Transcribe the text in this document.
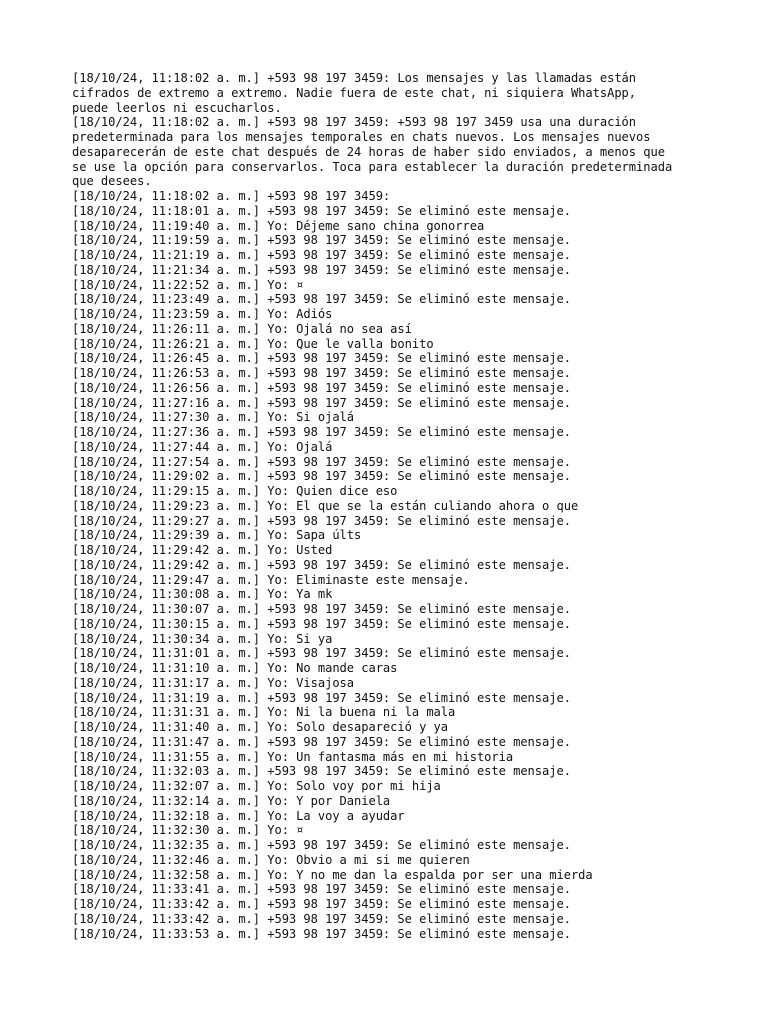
[18/10/24, 11:18:02 a. m.] +593 98 197 3459: Los mensajes y las llamadas están
cifrados de extremo a extremo. Nadie fuera de este chat, ni siquiera WhatsApp,
puede leerlos ni escucharlos.
[18/10/24, 11:18:02 a. m.] +593 98 197 3459: +593 98 197 3459 usa una duración
predeterminada para los mensajes temporales en chats nuevos. Los mensajes nuevos
desaparecerán de este chat después de 24 horas de haber sido enviados, a menos que
se use la opción para conservarlos. Toca para establecer la duración predeterminada
que desees.
[18/10/24, 11:18:02 a. m.] +593 98 197 3459:
[18/10/24, 11:18:01 a. m.] +593 98 197 3459: Se eliminó este mensaje.
[18/10/24, 11:19:40 a. m.] Yo: Déjeme sano china gonorrea
[18/10/24, 11:19:59 a. m.] +593 98 197 3459: Se eliminó este mensaje.
[18/10/24, 11:21:19 a. m.] +593 98 197 3459: Se eliminó este mensaje.
[18/10/24, 11:21:34 a. m.] +593 98 197 3459: Se eliminó este mensaje.
[18/10/24, 11:22:52 a. m.] Yo: ¤
[18/10/24, 11:23:49 a. m.] +593 98 197 3459: Se eliminó este mensaje.
[18/10/24, 11:23:59 a. m.] Yo: Adiós
[18/10/24, 11:26:11 a. m.] Yo: Ojalá no sea así
[18/10/24, 11:26:21 a. m.] Yo: Que le valla bonito
[18/10/24, 11:26:45 a. m.] +593 98 197 3459: Se eliminó este mensaje.
[18/10/24, 11:26:53 a. m.] +593 98 197 3459: Se eliminó este mensaje.
[18/10/24, 11:26:56 a. m.] +593 98 197 3459: Se eliminó este mensaje.
[18/10/24, 11:27:16 a. m.] +593 98 197 3459: Se eliminó este mensaje.
[18/10/24, 11:27:30 a. m.] Yo: Si ojalá
[18/10/24, 11:27:36 a. m.] +593 98 197 3459: Se eliminó este mensaje.
[18/10/24, 11:27:44 a. m.] Yo: Ojalá
[18/10/24, 11:27:54 a. m.] +593 98 197 3459: Se eliminó este mensaje.
[18/10/24, 11:29:02 a. m.] +593 98 197 3459: Se eliminó este mensaje.
[18/10/24, 11:29:15 a. m.] Yo: Quien dice eso
[18/10/24, 11:29:23 a. m.] Yo: El que se la están culiando ahora o que
[18/10/24, 11:29:27 a. m.] +593 98 197 3459: Se eliminó este mensaje.
[18/10/24, 11:29:39 a. m.] Yo: Sapa últs
[18/10/24, 11:29:42 a. m.] Yo: Usted
[18/10/24, 11:29:42 a. m.] +593 98 197 3459: Se eliminó este mensaje.
[18/10/24, 11:29:47 a. m.] Yo: Eliminaste este mensaje.
[18/10/24, 11:30:08 a. m.] Yo: Ya mk
[18/10/24, 11:30:07 a. m.] +593 98 197 3459: Se eliminó este mensaje.
[18/10/24, 11:30:15 a. m.] +593 98 197 3459: Se eliminó este mensaje.
[18/10/24, 11:30:34 a. m.] Yo: Si ya
[18/10/24, 11:31:01 a. m.] +593 98 197 3459: Se eliminó este mensaje.
[18/10/24, 11:31:10 a. m.] Yo: No mande caras
[18/10/24, 11:31:17 a. m.] Yo: Visajosa
[18/10/24, 11:31:19 a. m.] +593 98 197 3459: Se eliminó este mensaje.
[18/10/24, 11:31:31 a. m.] Yo: Ni la buena ni la mala
[18/10/24, 11:31:40 a. m.] Yo: Solo desapareció y ya
[18/10/24, 11:31:47 a. m.] +593 98 197 3459: Se eliminó este mensaje.
[18/10/24, 11:31:55 a. m.] Yo: Un fantasma más en mi historia
[18/10/24, 11:32:03 a. m.] +593 98 197 3459: Se eliminó este mensaje.
[18/10/24, 11:32:07 a. m.] Yo: Solo voy por mi hija
[18/10/24, 11:32:14 a. m.] Yo: Y por Daniela
[18/10/24, 11:32:18 a. m.] Yo: La voy a ayudar
[18/10/24, 11:32:30 a. m.] Yo: ¤
[18/10/24, 11:32:35 a. m.] +593 98 197 3459: Se eliminó este mensaje.
[18/10/24, 11:32:46 a. m.] Yo: Obvio a mi si me quieren
[18/10/24, 11:32:58 a. m.] Yo: Y no me dan la espalda por ser una mierda
[18/10/24, 11:33:41 a. m.] +593 98 197 3459: Se eliminó este mensaje.
[18/10/24, 11:33:42 a. m.] +593 98 197 3459: Se eliminó este mensaje.
[18/10/24, 11:33:42 a. m.] +593 98 197 3459: Se eliminó este mensaje.
[18/10/24, 11:33:53 a. m.] +593 98 197 3459: Se eliminó este mensaje.
